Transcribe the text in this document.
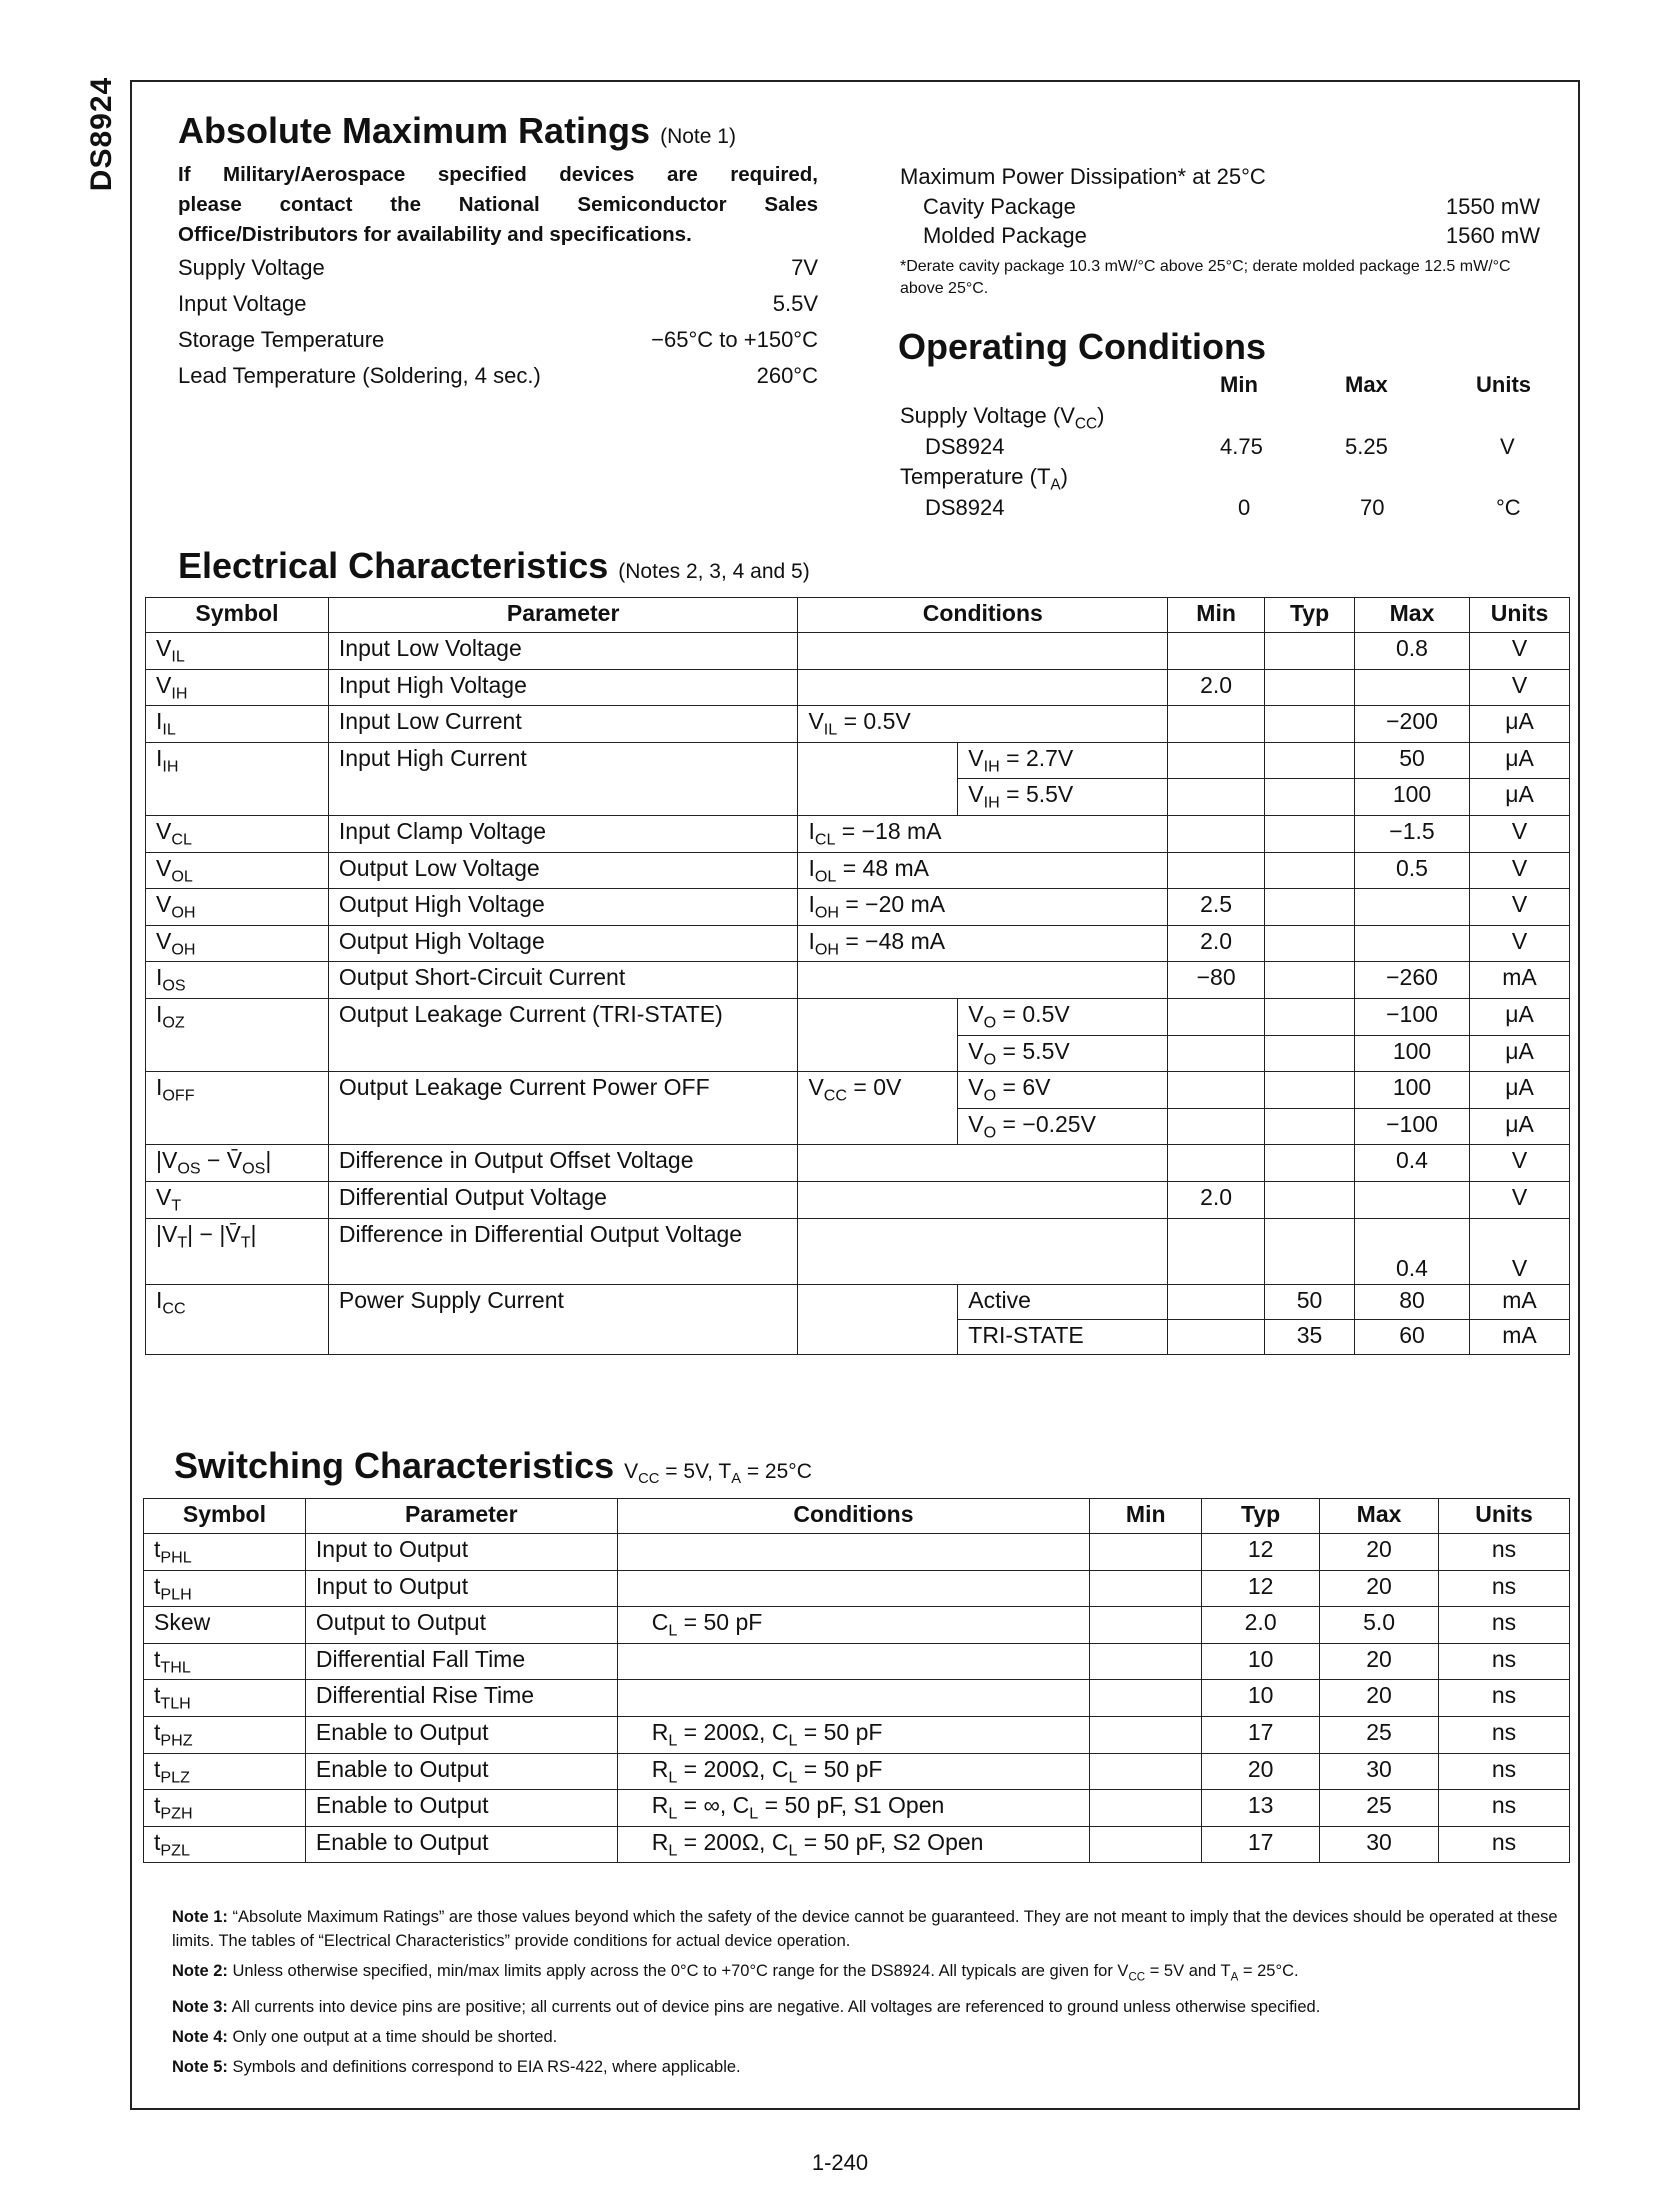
DS8924 Absolute Maximum Ratings (Note 1)
If Military/Aerospace specified devices are required,
please contact the National Semiconductor Sales
Office/Distributors for availability and specifications.
Supply Voltage	7V
Input Voltage	5.5V
Storage Temperature	−65°C to +150°C
Lead Temperature (Soldering, 4 sec.)	260°C
Maximum Power Dissipation* at 25°C
Cavity Package	1550 mW
Molded Package	1560 mW
*Derate cavity package 10.3 mW/°C above 25°C; derate molded package 12.5 mW/°C above 25°C.
Operating Conditions
Min	Max	Units
Supply Voltage $(V_{CC})$
DS8924	4.75	5.25	V
Temperature $(T_A)$
DS8924	0	70	°C
Electrical Characteristics (Notes 2, 3, 4 and 5)
Symbol	Parameter	Conditions		Min	Typ	Max	Units
$V_{IL}$	Input Low Voltage					0.8	V
$V_{IH}$	Input High Voltage			2.0			V
$I_{IL}$	Input Low Current	$V_{IL} = 0.5V$				−200	μA
$I_{IH}$	Input High Current		$V_{IH} = 2.7V$			50	μA
			$V_{IH} = 5.5V$			100	μA
$V_{CL}$	Input Clamp Voltage	$I_{CL} = -18$ mA				−1.5	V
$V_{OL}$	Output Low Voltage	$I_{OL} = 48$ mA				0.5	V
$V_{OH}$	Output High Voltage	$I_{OH} = -20$ mA		2.5			V
$V_{OH}$	Output High Voltage	$I_{OH} = -48$ mA		2.0			V
$I_{OS}$	Output Short-Circuit Current			−80		−260	mA
$I_{OZ}$	Output Leakage Current (TRI-STATE)		$V_O = 0.5V$			−100	μA
			$V_O = 5.5V$			100	μA
$I_{OFF}$	Output Leakage Current Power OFF	$V_{CC} = 0V$	$V_O = 6V$			100	μA
			$V_O = -0.25V$			−100	μA
$|V_{OS}$ − $V̄_{OS}|$	Difference in Output Offset Voltage					0.4	V
$V_T$	Differential Output Voltage			2.0			V
$|V_T|$ − $|V̄_T|$	Difference in Differential Output Voltage					0.4	V
$I_{CC}$	Power Supply Current		Active		50	80	mA
			TRI-STATE		35	60	mA
Switching Characteristics $V_{CC} = 5V$, $T_A = 25^\circ C$
Symbol	Parameter	Conditions	Min	Typ	Max	Units
$t_{PHL}$	Input to Output			12	20	ns
$t_{PLH}$	Input to Output			12	20	ns
Skew	Output to Output	$C_L = 50$ pF		2.0	5.0	ns
$t_{THL}$	Differential Fall Time			10	20	ns
$t_{TLH}$	Differential Rise Time			10	20	ns
$t_{PHZ}$	Enable to Output	$R_L = 200\Omega$, $C_L = 50$ pF		17	25	ns
$t_{PLZ}$	Enable to Output	$R_L = 200\Omega$, $C_L = 50$ pF		20	30	ns
$t_{PZH}$	Enable to Output	$R_L$ = ∞, $C_L = 50$ pF, S1 Open		13	25	ns
$t_{PZL}$	Enable to Output	$R_L = 200\Omega$, $C_L = 50$ pF, S2 Open		17	30	ns
Note 1: “Absolute Maximum Ratings” are those values beyond which the safety of the device cannot be guaranteed. They are not meant to imply that the devices should be operated at these limits. The tables of “Electrical Characteristics” provide conditions for actual device operation.
Note 2: Unless otherwise specified, min/max limits apply across the 0°C to +70°C range for the DS8924. All typicals are given for $V_{CC} = 5V$ and $T_A = 25^\circ C$.
Note 3: All currents into device pins are positive; all currents out of device pins are negative. All voltages are referenced to ground unless otherwise specified.
Note 4: Only one output at a time should be shorted.
Note 5: Symbols and definitions correspond to EIA RS-422, where applicable.
1-240
